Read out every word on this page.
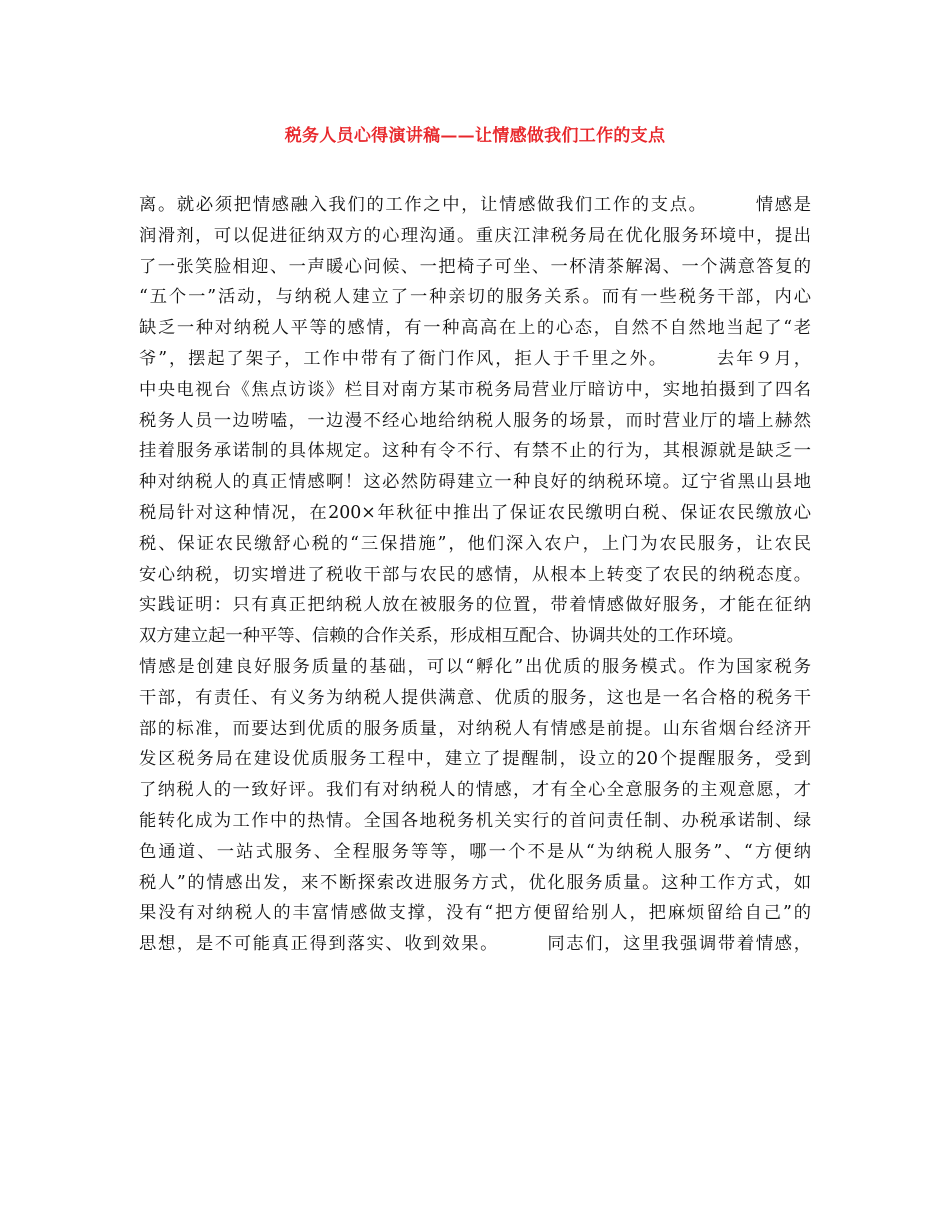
税务人员心得演讲稿——让情感做我们工作的支点
离。就必须把情感融入我们的工作之中，让情感做我们工作的支点。　　　情感是
润滑剂，可以促进征纳双方的心理沟通。重庆江津税务局在优化服务环境中，提出
了一张笑脸相迎、一声暖心问候、一把椅子可坐、一杯清茶解渴、一个满意答复的
“五个一”活动，与纳税人建立了一种亲切的服务关系。而有一些税务干部，内心
缺乏一种对纳税人平等的感情，有一种高高在上的心态，自然不自然地当起了“老
爷”，摆起了架子，工作中带有了衙门作风，拒人于千里之外。　　　去年９月，
中央电视台《焦点访谈》栏目对南方某市税务局营业厅暗访中，实地拍摄到了四名
税务人员一边唠嗑，一边漫不经心地给纳税人服务的场景，而时营业厅的墙上赫然
挂着服务承诺制的具体规定。这种有令不行、有禁不止的行为，其根源就是缺乏一
种对纳税人的真正情感啊！这必然防碍建立一种良好的纳税环境。辽宁省黑山县地
税局针对这种情况，在200×年秋征中推出了保证农民缴明白税、保证农民缴放心
税、保证农民缴舒心税的“三保措施”，他们深入农户，上门为农民服务，让农民
安心纳税，切实增进了税收干部与农民的感情，从根本上转变了农民的纳税态度。
实践证明：只有真正把纳税人放在被服务的位置，带着情感做好服务，才能在征纳
双方建立起一种平等、信赖的合作关系，形成相互配合、协调共处的工作环境。
情感是创建良好服务质量的基础，可以“孵化”出优质的服务模式。作为国家税务
干部，有责任、有义务为纳税人提供满意、优质的服务，这也是一名合格的税务干
部的标准，而要达到优质的服务质量，对纳税人有情感是前提。山东省烟台经济开
发区税务局在建设优质服务工程中，建立了提醒制，设立的20个提醒服务，受到
了纳税人的一致好评。我们有对纳税人的情感，才有全心全意服务的主观意愿，才
能转化成为工作中的热情。全国各地税务机关实行的首问责任制、办税承诺制、绿
色通道、一站式服务、全程服务等等，哪一个不是从“为纳税人服务”、“方便纳
税人”的情感出发，来不断探索改进服务方式，优化服务质量。这种工作方式，如
果没有对纳税人的丰富情感做支撑，没有“把方便留给别人，把麻烦留给自己”的
思想，是不可能真正得到落实、收到效果。　　　同志们，这里我强调带着情感，
